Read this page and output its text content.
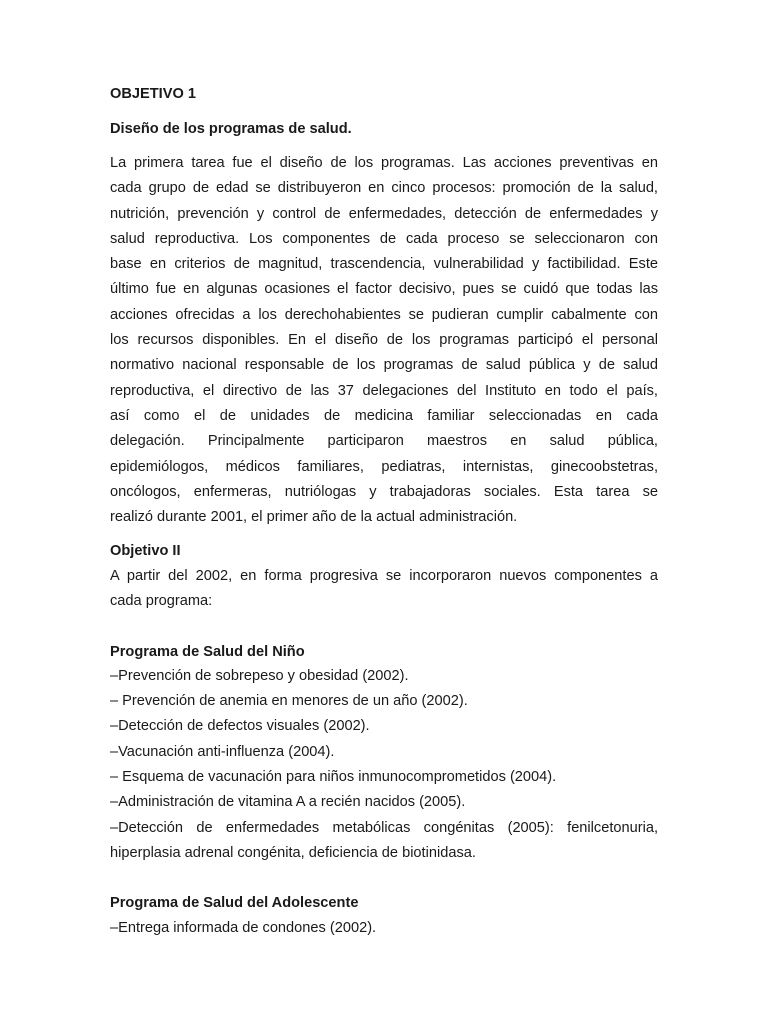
OBJETIVO 1
Diseño de los programas de salud.
La primera tarea fue el diseño de los programas. Las acciones preventivas en
cada grupo de edad se distribuyeron en cinco procesos: promoción de la salud,
nutrición, prevención y control de enfermedades, detección de enfermedades y
salud reproductiva. Los componentes de cada proceso se seleccionaron con
base en criterios de magnitud, trascendencia, vulnerabilidad y factibilidad. Este
último fue en algunas ocasiones el factor decisivo, pues se cuidó que todas las
acciones ofrecidas a los derechohabientes se pudieran cumplir cabalmente con
los recursos disponibles. En el diseño de los programas participó el personal
normativo nacional responsable de los programas de salud pública y de salud
reproductiva, el directivo de las 37 delegaciones del Instituto en todo el país,
así como el de unidades de medicina familiar seleccionadas en cada
delegación. Principalmente participaron maestros en salud pública,
epidemiólogos, médicos familiares, pediatras, internistas, ginecoobstetras,
oncólogos, enfermeras, nutriólogas y trabajadoras sociales. Esta tarea se
realizó durante 2001, el primer año de la actual administración.
Objetivo II
A partir del 2002, en forma progresiva se incorporaron nuevos componentes a
cada programa:
Programa de Salud del Niño
–Prevención de sobrepeso y obesidad (2002).
– Prevención de anemia en menores de un año (2002).
–Detección de defectos visuales (2002).
–Vacunación anti-influenza (2004).
– Esquema de vacunación para niños inmunocomprometidos (2004).
–Administración de vitamina A a recién nacidos (2005).
–Detección de enfermedades metabólicas congénitas (2005): fenilcetonuria,
hiperplasia adrenal congénita, deficiencia de biotinidasa.
Programa de Salud del Adolescente
–Entrega informada de condones (2002).
